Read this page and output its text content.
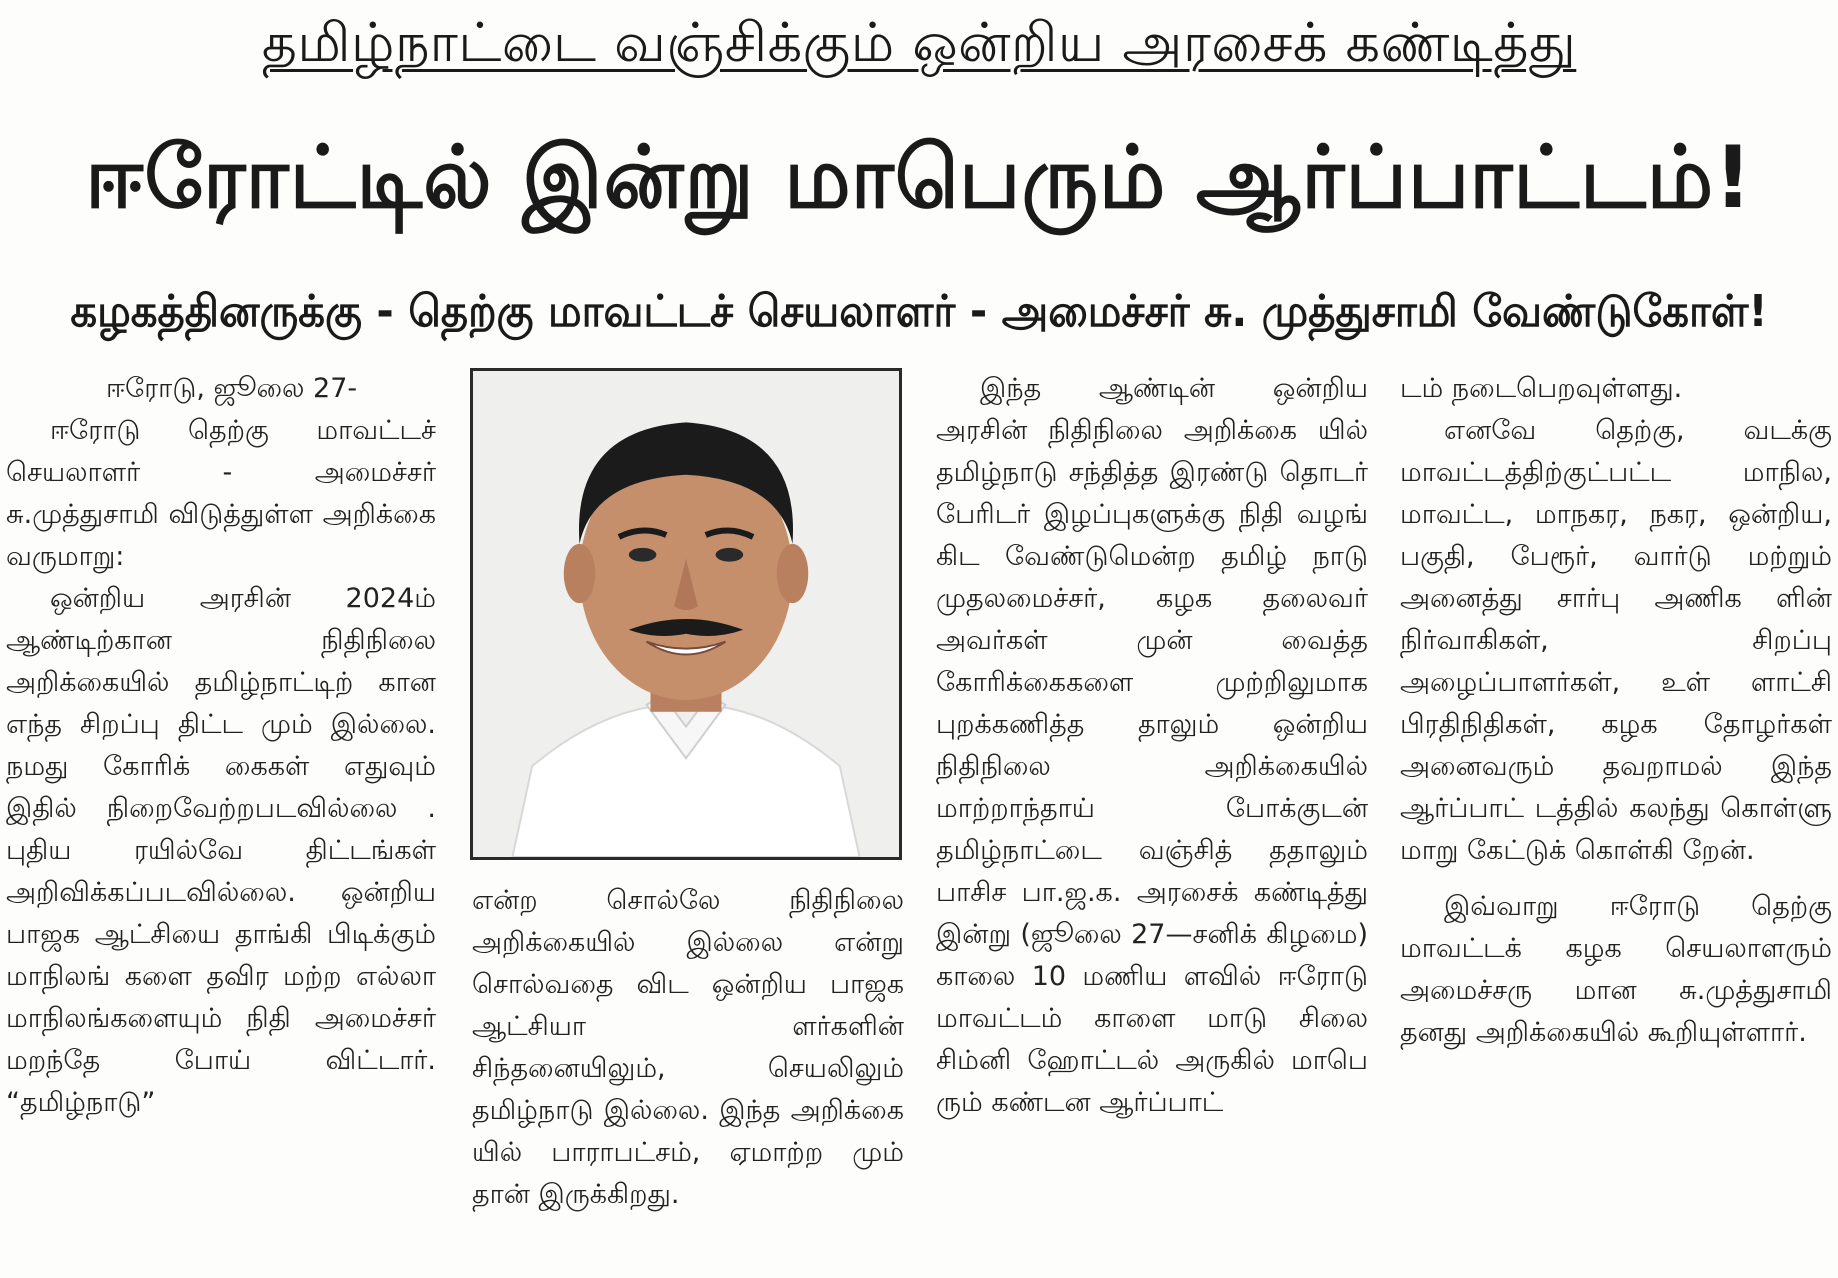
தமிழ்நாட்டை வஞ்சிக்கும் ஒன்றிய அரசைக் கண்டித்து
ஈரோட்டில் இன்று மாபெரும் ஆர்ப்பாட்டம்!
கழகத்தினருக்கு - தெற்கு மாவட்டச் செயலாளர் - அமைச்சர் சு. முத்துசாமி வேண்டுகோள்!

ஈரோடு, ஜூலை 27-

ஈரோடு தெற்கு மாவட்டச் செயலாளர் - அமைச்சர் சு.முத்துசாமி விடுத்துள்ள அறிக்கை வருமாறு:

ஒன்றிய அரசின் 2024ம் ஆண்டிற்கான நிதிநிலை அறிக்கையில் தமிழ்நாட்டிற் கான எந்த சிறப்பு திட்ட மும் இல்லை. நமது கோரிக் கைகள் எதுவும் இதில் நிறைவேற்றபடவில்லை . புதிய ரயில்வே திட்டங்கள் அறிவிக்கப்படவில்லை. ஒன்றிய பாஜக ஆட்சியை தாங்கி பிடிக்கும் மாநிலங் களை தவிர மற்ற எல்லா மாநிலங்களையும் நிதி அமைச்சர் மறந்தே போய் விட்டார். “தமிழ்நாடு”

என்ற சொல்லே நிதிநிலை அறிக்கையில் இல்லை என்று சொல்வதை விட ஒன்றிய பாஜக ஆட்சியா ளர்களின் சிந்தனையிலும், செயலிலும் தமிழ்நாடு இல்லை. இந்த அறிக்கை யில் பாராபட்சம், ஏமாற்ற மும் தான் இருக்கிறது.

இந்த ஆண்டின் ஒன்றிய அரசின் நிதிநிலை அறிக்கை யில் தமிழ்நாடு சந்தித்த இரண்டு தொடர் பேரிடர் இழப்புகளுக்கு நிதி வழங் கிட வேண்டுமென்ற தமிழ் நாடு முதலமைச்சர், கழக தலைவர் அவர்கள் முன் வைத்த கோரிக்கைகளை முற்றிலுமாக புறக்கணித்த தாலும் ஒன்றிய நிதிநிலை அறிக்கையில் மாற்றாந்தாய் போக்குடன் தமிழ்நாட்டை வஞ்சித் ததாலும் பாசிச பா.ஜ.க. அரசைக் கண்டித்து இன்று (ஜூலை 27—சனிக் கிழமை) காலை 10 மணிய ளவில் ஈரோடு மாவட்டம் காளை மாடு சிலை சிம்னி ஹோட்டல் அருகில் மாபெ ரும் கண்டன ஆர்ப்பாட்

டம் நடைபெறவுள்ளது.

எனவே தெற்கு, வடக்கு மாவட்டத்திற்குட்பட்ட மாநில, மாவட்ட, மாநகர, நகர, ஒன்றிய, பகுதி, பேரூர், வார்டு மற்றும் அனைத்து சார்பு அணிக ளின் நிர்வாகிகள், சிறப்பு அழைப்பாளர்கள், உள் ளாட்சி பிரதிநிதிகள், கழக தோழர்கள் அனைவரும் தவறாமல் இந்த ஆர்ப்பாட் டத்தில் கலந்து கொள்ளு மாறு கேட்டுக் கொள்கி றேன்.

இவ்வாறு ஈரோடு தெற்கு மாவட்டக் கழக செயலாளரும் அமைச்சரு மான சு.முத்துசாமி தனது அறிக்கையில் கூறியுள்ளார்.
